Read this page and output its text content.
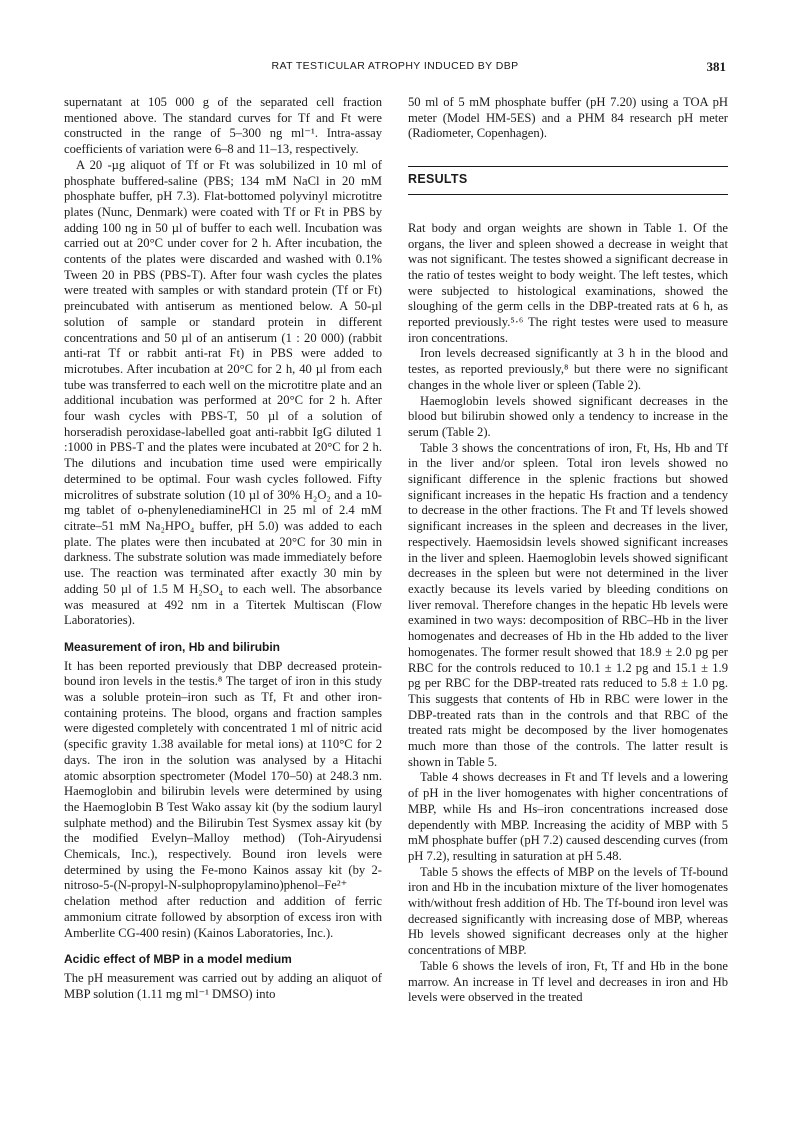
RAT TESTICULAR ATROPHY INDUCED BY DBP	381

supernatant at 105 000 g of the separated cell fraction mentioned above. The standard curves for Tf and Ft were constructed in the range of 5–300 ng ml⁻¹. Intra-assay coefficients of variation were 6–8 and 11–13, respectively.

A 20 -µg aliquot of Tf or Ft was solubilized in 10 ml of phosphate buffered-saline (PBS; 134 mM NaCl in 20 mM phosphate buffer, pH 7.3). Flat-bottomed polyvinyl microtitre plates (Nunc, Denmark) were coated with Tf or Ft in PBS by adding 100 ng in 50 µl of buffer to each well. Incubation was carried out at 20°C under cover for 2 h. After incubation, the contents of the plates were discarded and washed with 0.1% Tween 20 in PBS (PBS-T). After four wash cycles the plates were treated with samples or with standard protein (Tf or Ft) preincubated with antiserum as mentioned below. A 50-µl solution of sample or standard protein in different concentrations and 50 µl of an antiserum (1 : 20 000) (rabbit anti-rat Tf or rabbit anti-rat Ft) in PBS were added to microtubes. After incubation at 20°C for 2 h, 40 µl from each tube was transferred to each well on the microtitre plate and an additional incubation was performed at 20°C for 2 h. After four wash cycles with PBS-T, 50 µl of a solution of horseradish peroxidase-labelled goat anti-rabbit IgG diluted 1 :1000 in PBS-T and the plates were incubated at 20°C for 2 h. The dilutions and incubation time used were empirically determined to be optimal. Four wash cycles followed. Fifty microlitres of substrate solution (10 µl of 30% H₂O₂ and a 10-mg tablet of o-phenylenediamineHCl in 25 ml of 2.4 mM citrate–51 mM Na₂HPO₄ buffer, pH 5.0) was added to each plate. The plates were then incubated at 20°C for 30 min in darkness. The substrate solution was made immediately before use. The reaction was terminated after exactly 30 min by adding 50 µl of 1.5 M H₂SO₄ to each well. The absorbance was measured at 492 nm in a Titertek Multiscan (Flow Laboratories).

Measurement of iron, Hb and bilirubin

It has been reported previously that DBP decreased protein-bound iron levels in the testis.⁸ The target of iron in this study was a soluble protein–iron such as Tf, Ft and other iron-containing proteins. The blood, organs and fraction samples were digested completely with concentrated 1 ml of nitric acid (specific gravity 1.38 available for metal ions) at 110°C for 2 days. The iron in the solution was analysed by a Hitachi atomic absorption spectrometer (Model 170–50) at 248.3 nm. Haemoglobin and bilirubin levels were determined by using the Haemoglobin B Test Wako assay kit (by the sodium lauryl sulphate method) and the Bilirubin Test Sysmex assay kit (by the modified Evelyn–Malloy method) (Toh-Airyudensi Chemicals, Inc.), respectively. Bound iron levels were determined by using the Fe-mono Kainos assay kit (by 2-nitroso-5-(N-propyl-N-sulphopropylamino)phenol–Fe²⁺ chelation method after reduction and addition of ferric ammonium citrate followed by absorption of excess iron with Amberlite CG-400 resin) (Kainos Laboratories, Inc.).

Acidic effect of MBP in a model medium

The pH measurement was carried out by adding an aliquot of MBP solution (1.11 mg ml⁻¹ DMSO) into

50 ml of 5 mM phosphate buffer (pH 7.20) using a TOA pH meter (Model HM-5ES) and a PHM 84 research pH meter (Radiometer, Copenhagen).

RESULTS

Rat body and organ weights are shown in Table 1. Of the organs, the liver and spleen showed a decrease in weight that was not significant. The testes showed a significant decrease in the ratio of testes weight to body weight. The left testes, which were subjected to histological examinations, showed the sloughing of the germ cells in the DBP-treated rats at 6 h, as reported previously.⁵·⁶ The right testes were used to measure iron concentrations.

Iron levels decreased significantly at 3 h in the blood and testes, as reported previously,⁸ but there were no significant changes in the whole liver or spleen (Table 2).

Haemoglobin levels showed significant decreases in the blood but bilirubin showed only a tendency to increase in the serum (Table 2).

Table 3 shows the concentrations of iron, Ft, Hs, Hb and Tf in the liver and/or spleen. Total iron levels showed no significant difference in the splenic fractions but showed significant increases in the hepatic Hs fraction and a tendency to decrease in the other fractions. The Ft and Tf levels showed significant increases in the spleen and decreases in the liver, respectively. Haemosidsin levels showed significant increases in the liver and spleen. Haemoglobin levels showed significant decreases in the spleen but were not determined in the liver exactly because its levels varied by bleeding conditions on liver removal. Therefore changes in the hepatic Hb levels were examined in two ways: decomposition of RBC–Hb in the liver homogenates and decreases of Hb in the Hb added to the liver homogenates. The former result showed that 18.9 ± 2.0 pg per RBC for the controls reduced to 10.1 ± 1.2 pg and 15.1 ± 1.9 pg per RBC for the DBP-treated rats reduced to 5.8 ± 1.0 pg. This suggests that contents of Hb in RBC were lower in the DBP-treated rats than in the controls and that RBC of the treated rats might be decomposed by the liver homogenates much more than those of the controls. The latter result is shown in Table 5.

Table 4 shows decreases in Ft and Tf levels and a lowering of pH in the liver homogenates with higher concentrations of MBP, while Hs and Hs–iron concentrations increased dose dependently with MBP. Increasing the acidity of MBP with 5 mM phosphate buffer (pH 7.2) caused descending curves (from pH 7.2), resulting in saturation at pH 5.48.

Table 5 shows the effects of MBP on the levels of Tf-bound iron and Hb in the incubation mixture of the liver homogenates with/without fresh addition of Hb. The Tf-bound iron level was decreased significantly with increasing dose of MBP, whereas Hb levels showed significant decreases only at the higher concentrations of MBP.

Table 6 shows the levels of iron, Ft, Tf and Hb in the bone marrow. An increase in Tf level and decreases in iron and Hb levels were observed in the treated
